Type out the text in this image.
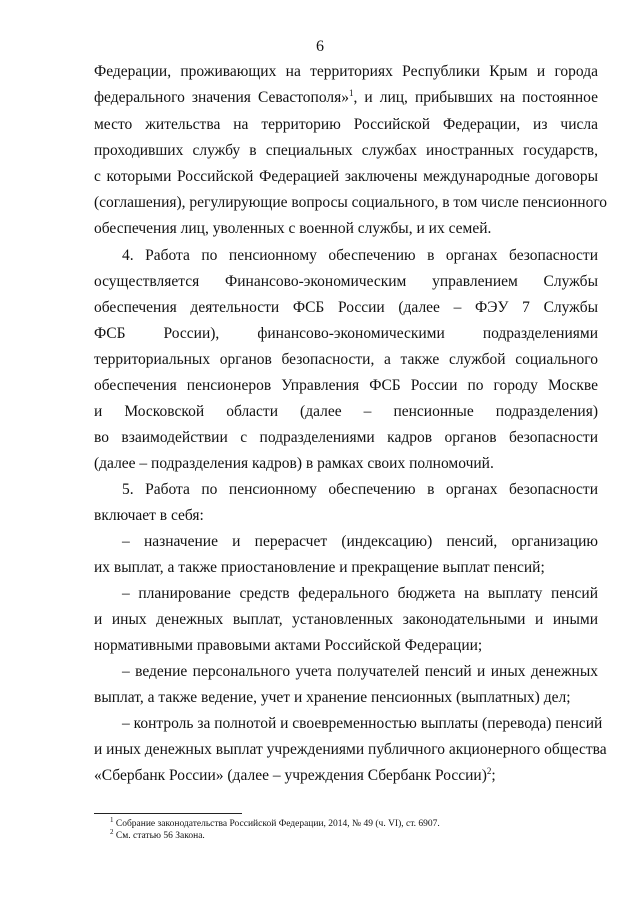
6
Федерации, проживающих на территориях Республики Крым и города
федерального значения Севастополя»$^1$, и лиц, прибывших на постоянное
место жительства на территорию Российской Федерации, из числа
проходивших службу в специальных службах иностранных государств,
с которыми Российской Федерацией заключены международные договоры
(соглашения), регулирующие вопросы социального, в том числе пенсионного
обеспечения лиц, уволенных с военной службы, и их семей.
4. Работа по пенсионному обеспечению в органах безопасности
осуществляется Финансово-экономическим управлением Службы
обеспечения деятельности ФСБ России (далее – ФЭУ 7 Службы
ФСБ России), финансово-экономическими подразделениями
территориальных органов безопасности, а также службой социального
обеспечения пенсионеров Управления ФСБ России по городу Москве
и Московской области (далее – пенсионные подразделения)
во взаимодействии с подразделениями кадров органов безопасности
(далее – подразделения кадров) в рамках своих полномочий.
5. Работа по пенсионному обеспечению в органах безопасности
включает в себя:
– назначение и перерасчет (индексацию) пенсий, организацию
их выплат, а также приостановление и прекращение выплат пенсий;
– планирование средств федерального бюджета на выплату пенсий
и иных денежных выплат, установленных законодательными и иными
нормативными правовыми актами Российской Федерации;
– ведение персонального учета получателей пенсий и иных денежных
выплат, а также ведение, учет и хранение пенсионных (выплатных) дел;
– контроль за полнотой и своевременностью выплаты (перевода) пенсий
и иных денежных выплат учреждениями публичного акционерного общества
«Сбербанк России» (далее – учреждения Сбербанк России)$^2$;
$^1$ Собрание законодательства Российской Федерации, 2014, № 49 (ч. VI), ст. 6907.
$^2$ См. статью 56 Закона.
